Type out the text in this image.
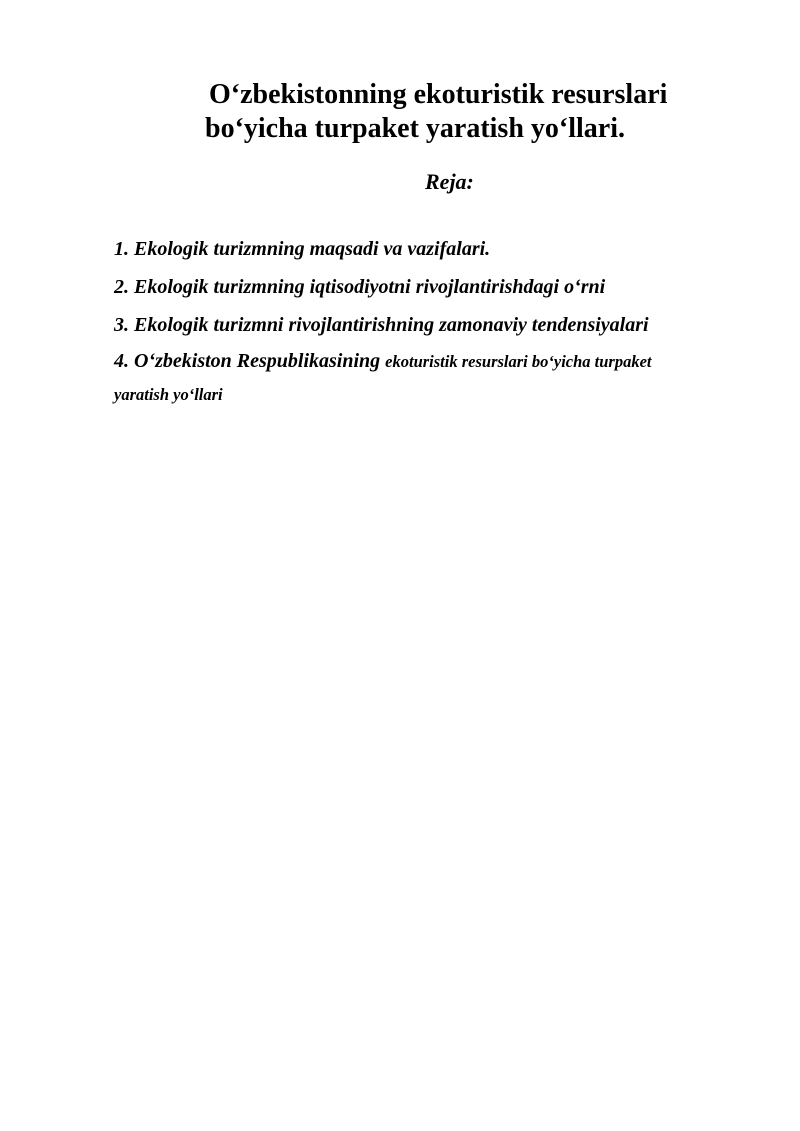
O‘zbekistonning ekoturistik resurslari
bo‘yicha turpaket yaratish yo‘llari.
Reja:
1. Ekologik turizmning maqsadi va vazifalari.
2. Ekologik turizmning iqtisodiyotni rivojlantirishdagi o‘rni
3. Ekologik turizmni rivojlantirishning zamonaviy tendensiyalari
4. O‘zbekiston Respublikasining ekoturistik resurslari bo‘yicha turpaket
yaratish yo‘llari
